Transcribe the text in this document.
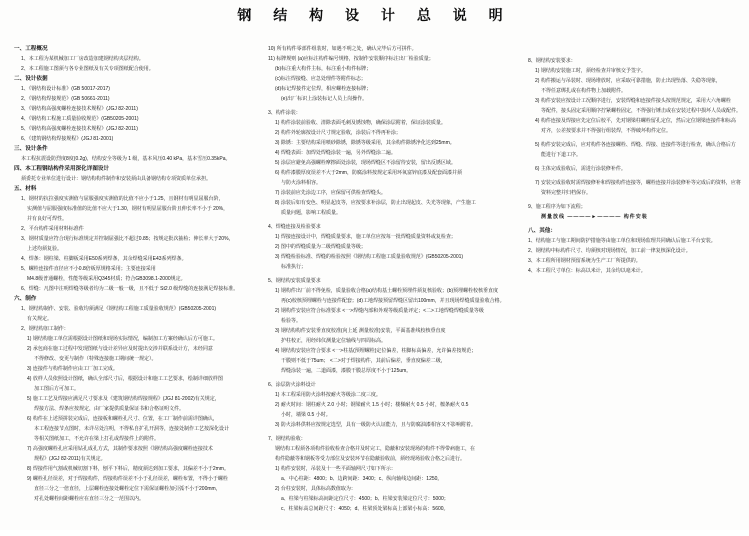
钢 结 构 设 计 总 说 明
一、工程概况
1、本工程为某机械加工厂房改造加建钢结构夹层结构。
2、本工程施工图须与各专业图纸及有关专项图纸配合使用。
二、设计依据
1、《钢结构设计标准》(GB 50017-2017)
2、《钢结构焊接规范》(GB 50661-2011)
3、《钢结构高强度螺栓连接技术规程》(JGJ 82-2011)
4、《钢结构工程施工质量验收规范》(GB50205-2001)
5、《钢结构高强度螺栓连接技术规程》(JGJ 82-2011)
6、《建筑钢结构焊接规程》(JGJ 81-2001)
三、设计条件
本工程抗震设防烈度8度(0.2g)，结构安全等级为 1 级，基本风压0.40 kPa，基本雪压0.35kPa。
四、本工程钢结构件采用深化详图设计
须委托专业单位进行设计：钢结构构件制作和安装须由具备钢结构专项资质单位承担。
五、材料
1、钢材的抗拉强度实测值与屈服强度实测值的比值不应小于1.25，且钢材有明显屈服台阶，
实测值与屈服强度标准值的比值不应大于1.30，钢材有明显屈服台阶且伸长率不小于 20%，
并有良好可焊性。
2、平台构件采用材料标准件
3、钢材质量应符合现行标准规定并控制屈强比不超过0.85；按规定批次抽检；伸长率大于20%，
上述均须复验。
4、焊条：钢柱梁、柱脚板采用E50系列焊条，其余焊缝采用E43系列焊条。
5、螺栓连接件直径应不小0.8倍板厚规格采用；主要连接采用
M4.8级普通螺栓，性能等级采用Q345材质；符合GB3098.1-2000规定。
6、焊缝：凡图中注明焊缝等级者均为二级一般一级，且不低于 St2.0 级焊缝的连接满足焊接标准。
六、制作
1、钢结构制作、安装、验收均须满足《钢结构工程施工质量验收规范》(GB50205-2001)
有关规定。
2、钢结构加工制作：
1) 钢结构施工单位需根据设计图纸和现场实际情况，编制加工方案经确认后方可施工。
2) 承包商在施工过程中发现图纸与设计差异应及时提出交涉并联系设计方，未经同意
不得修改、变更与制作（特殊连接施工期间统一规定）。
3) 连接件与构件制作应由工厂加工完成。
4) 放样人员依照设计图纸，确认全部尺寸后，根据设计和施工工艺要求，绘制详细放样图
加工图后方可加工。
5) 施工工艺及焊接应满足尺寸要求及《建筑钢结构焊接规程》(JGJ 81-2002)有关规定，
焊接方法、焊条应按规定，由厂家提供质量保证书和合格证明文件。
6) 构件在上述预拼装完成后，连接板和螺栓孔尺寸、位置，在工厂制作前需详图确认，
本工程连接节点图时，未详尽处注明，不得私自扩孔开洞等，连接处制作工艺按深化设计
等相关图纸加工，不允许在梁上打孔或焊接件上的附件。
7) 高强度螺栓孔应采用钻孔成孔方式，其制作要求按照《钢结构高强度螺栓连接技术
规程》(JGJ 82-2011)有关规定。
8) 焊接件用气割或机械切割下料，刨平下料后，精度须达到加工要求，其偏差不小于2mm。
9) 螺栓孔径误差，对于焊接构件，焊接构件误差不小于孔径误差，螺栓布置，不得小于螺栓
直径三分之一倍直径，上层螺栓连接处螺栓定位下需保证螺栓加引弧不小于200mm，
对孔处螺栓间距螺栓应在直径三分之一范围以内。
10) 所有构件零部件组装时，如遇不明之处，确认完毕后方可拼件。
11) 标牌规则 (a)应标注构件编号规格，按制作安装顺序标注出厂检验质量；
(b)标注重大构件主标，标注重小构件标牌；
(c)标注焊接缝、应急处理件等附件标志；
(d)标记焊接件定位焊，相应螺栓连接标牌；
(e)出厂标识上涂装标记人员上岗操作。
3、构件涂装：
1) 构件涂装前验收、清除表面毛刺及锈蚀物，确保涂层附着，保证涂装质量。
2) 构件外轮廓按设计尺寸规定验收，涂装后不得再补涂；
3) 除锈：主要结构采用喷砂除锈，除锈等级采用，其余构件除锈净化达到25mm。
4) 焊缝表面：加焊处焊缝涂装一遍，另外焊缝涂二遍。
5) 涂层应避免高强螺栓摩擦面处涂装，现场焊缝区不涂留待安装，留出反锈区域。
6) 构件漆膜厚度误差不大于2mm，防腐涂料按规定采用环氧富锌底漆及配套面漆并须
与防火涂料相容。
7) 涂装前应先涂边工序，应保留可供检查焊缝头。
8) 涂装后如有变色、明显起皮等，应按要求补涂层，防止出现起皮、失光等现象，产生施工
质量问题，影响工程质量。
4、焊缝连接及检验要求
1) 焊接连接设计中，焊缝质量要求，施工单位应按每一批焊缝质量资料或复检查；
2) 图中的焊缝质量为二级焊缝质量等级；
3) 焊缝检验标准、焊缝的检验按照《钢结构工程施工质量验收规范》(GB50205-2001)
标准执行；
5、钢结构安装质量要求
1) 钢构件出厂前不得免检，质量验收合格(a)结构基土螺栓预埋件须复核验收；(b)预埋螺栓校核垂直度
再(c)校核预埋螺栓与连接件配套；(d)工地焊接预留焊缝区留出100mm，并且现场焊缝质量验收合格。
2) 钢构件安装应符合标准要求 <一>焊缝内部和外观等级质量评定；<二>工地焊缝焊缝质量等级
检验等。
3) 钢结构构件安装垂直度校准(向上延 测量校准)安装，平面基准线校核垂直度
护柱校正，用经纬仪测量定位轴线与四周标高。
4) 钢结构安装应符合要求 <一>柱基(预埋螺栓)定位偏差，柱脚标高偏差，允许偏差按规范；
干膜则不低于75um； <二>对于焊接构件，其前后偏差，垂直度偏差二级，
焊缝涂装一遍，二道面漆，漆膜干膜总厚度不小于125um。
6、涂层防火涂料设计
1) 本工程采用防火涂料按耐火等级涂二度三度。
2) 耐火时间：钢柱耐火 2.0 小时；钢梁耐火 1.5 小时；楼梯耐火 0.5 小时，檩条耐火 0.5
小时，墙梁 0.5 小时。
3) 防火涂料供料应按规定选型，具有一级防火认证能力，且与防腐油漆相容又不影响附着。
7、钢结构验收：
钢结构工程须各项构件验收检查合格并及时完工，隐蔽和安装现场的构件不得带病施工，在
构件隐蔽等和钢板等受力部位及安装环节在隐蔽验收前，须经现场验收合格之后进行。
1) 构件安装时，吊装及十一些平面轴网尺寸如下所示：
a、中心柱距：4800；b、边跨间距：3400；c、纵向轴线边间距：1250。
2) 台柱安装时，具体标高数值取为：
a、柱梁与柱梁标高间距定位尺寸：4500；b、柱梁安装梁定位尺寸：5000；
c、柱梁标高总间距尺寸：4050；d、柱梁顶处梁标高上部梁小标高：5600。
8、钢结构安装要求：
1) 钢结构安装施工时，须经检查并审核交予签字。
2) 构件搬运与吊装时、现场堆放时，应采取可靠措施，防止出现坠落、失稳等现象，
不得任意绑扎或在构件物上加载附件。
3) 构件安装应按设计工况顺序进行，安装焊缝和连接件接头按规范规定，采用大六角螺栓
等配件，接头固定采用顺序拧紧螺栓固定，不得强行锤击或在安装过程中损坏人员或配件。
4) 构件连接及焊接应先定位后校平，先对钢梁柱螺栓留孔定位，然后定位钢梁连接件和标高
对齐，公差按要求并不得强行组装焊，不得破坏构件定位。
5) 构件安装完成后，应对构件各连接螺栓、焊缝、焊接、连接件等进行检查，确认合格后方
能进行下道工序。
6) 主体完成验收后，需进行涂装修补件。
7) 安装完成验收时需焊接修补和焊接构件连接等，螺栓连接并涂装修补等完成后的资料，应将
资料完整并归档保存。
9、施工程序为如下流程；
测量放线 ————►———— 构件安装
八、其他：
1、结构施工与施工期间防护措施等由施工单位和现场监理共同确认后施工平台安装。
2、钢结构中标构件尺寸、均须核对现场情况，加工前一律复核深化设计。
3、本工程所用钢材预留系统为生产工厂所提供的。
4、本工程尺寸单位：标高以米计，其余均以毫米计。
